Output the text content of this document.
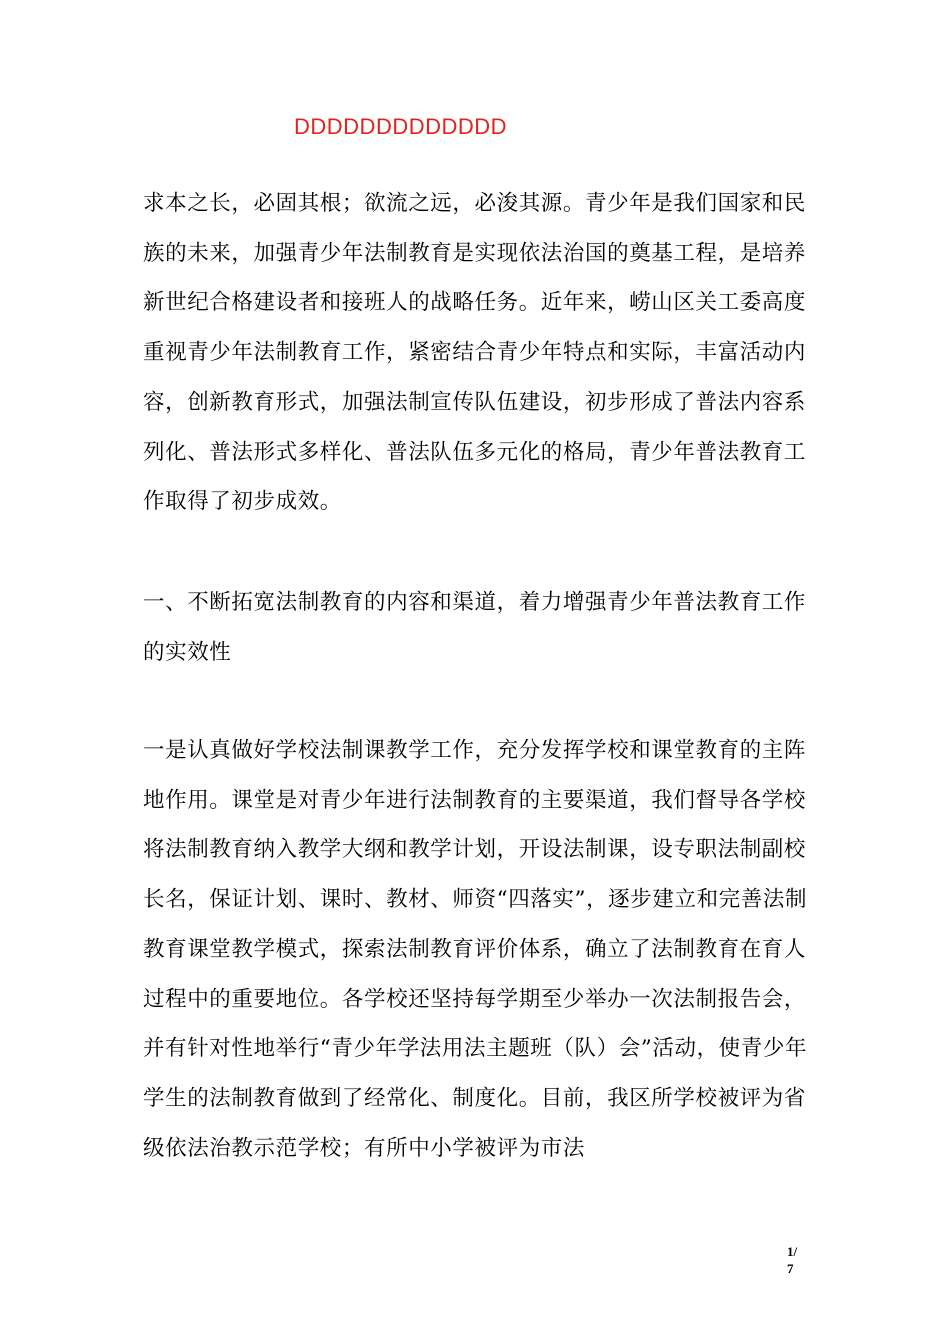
DDDDDDDDDDDDD

求本之长，必固其根；欲流之远，必浚其源。青少年是我们国家和民族的未来，加强青少年法制教育是实现依法治国的奠基工程，是培养新世纪合格建设者和接班人的战略任务。近年来，崂山区关工委高度重视青少年法制教育工作，紧密结合青少年特点和实际，丰富活动内容，创新教育形式，加强法制宣传队伍建设，初步形成了普法内容系列化、普法形式多样化、普法队伍多元化的格局，青少年普法教育工作取得了初步成效。

一、不断拓宽法制教育的内容和渠道，着力增强青少年普法教育工作的实效性

一是认真做好学校法制课教学工作，充分发挥学校和课堂教育的主阵地作用。课堂是对青少年进行法制教育的主要渠道，我们督导各学校将法制教育纳入教学大纲和教学计划，开设法制课，设专职法制副校长名，保证计划、课时、教材、师资“四落实”，逐步建立和完善法制教育课堂教学模式，探索法制教育评价体系，确立了法制教育在育人过程中的重要地位。各学校还坚持每学期至少举办一次法制报告会，并有针对性地举行“青少年学法用法主题班（队）会”活动，使青少年学生的法制教育做到了经常化、制度化。目前，我区所学校被评为省级依法治教示范学校；有所中小学被评为市法

1/
7
